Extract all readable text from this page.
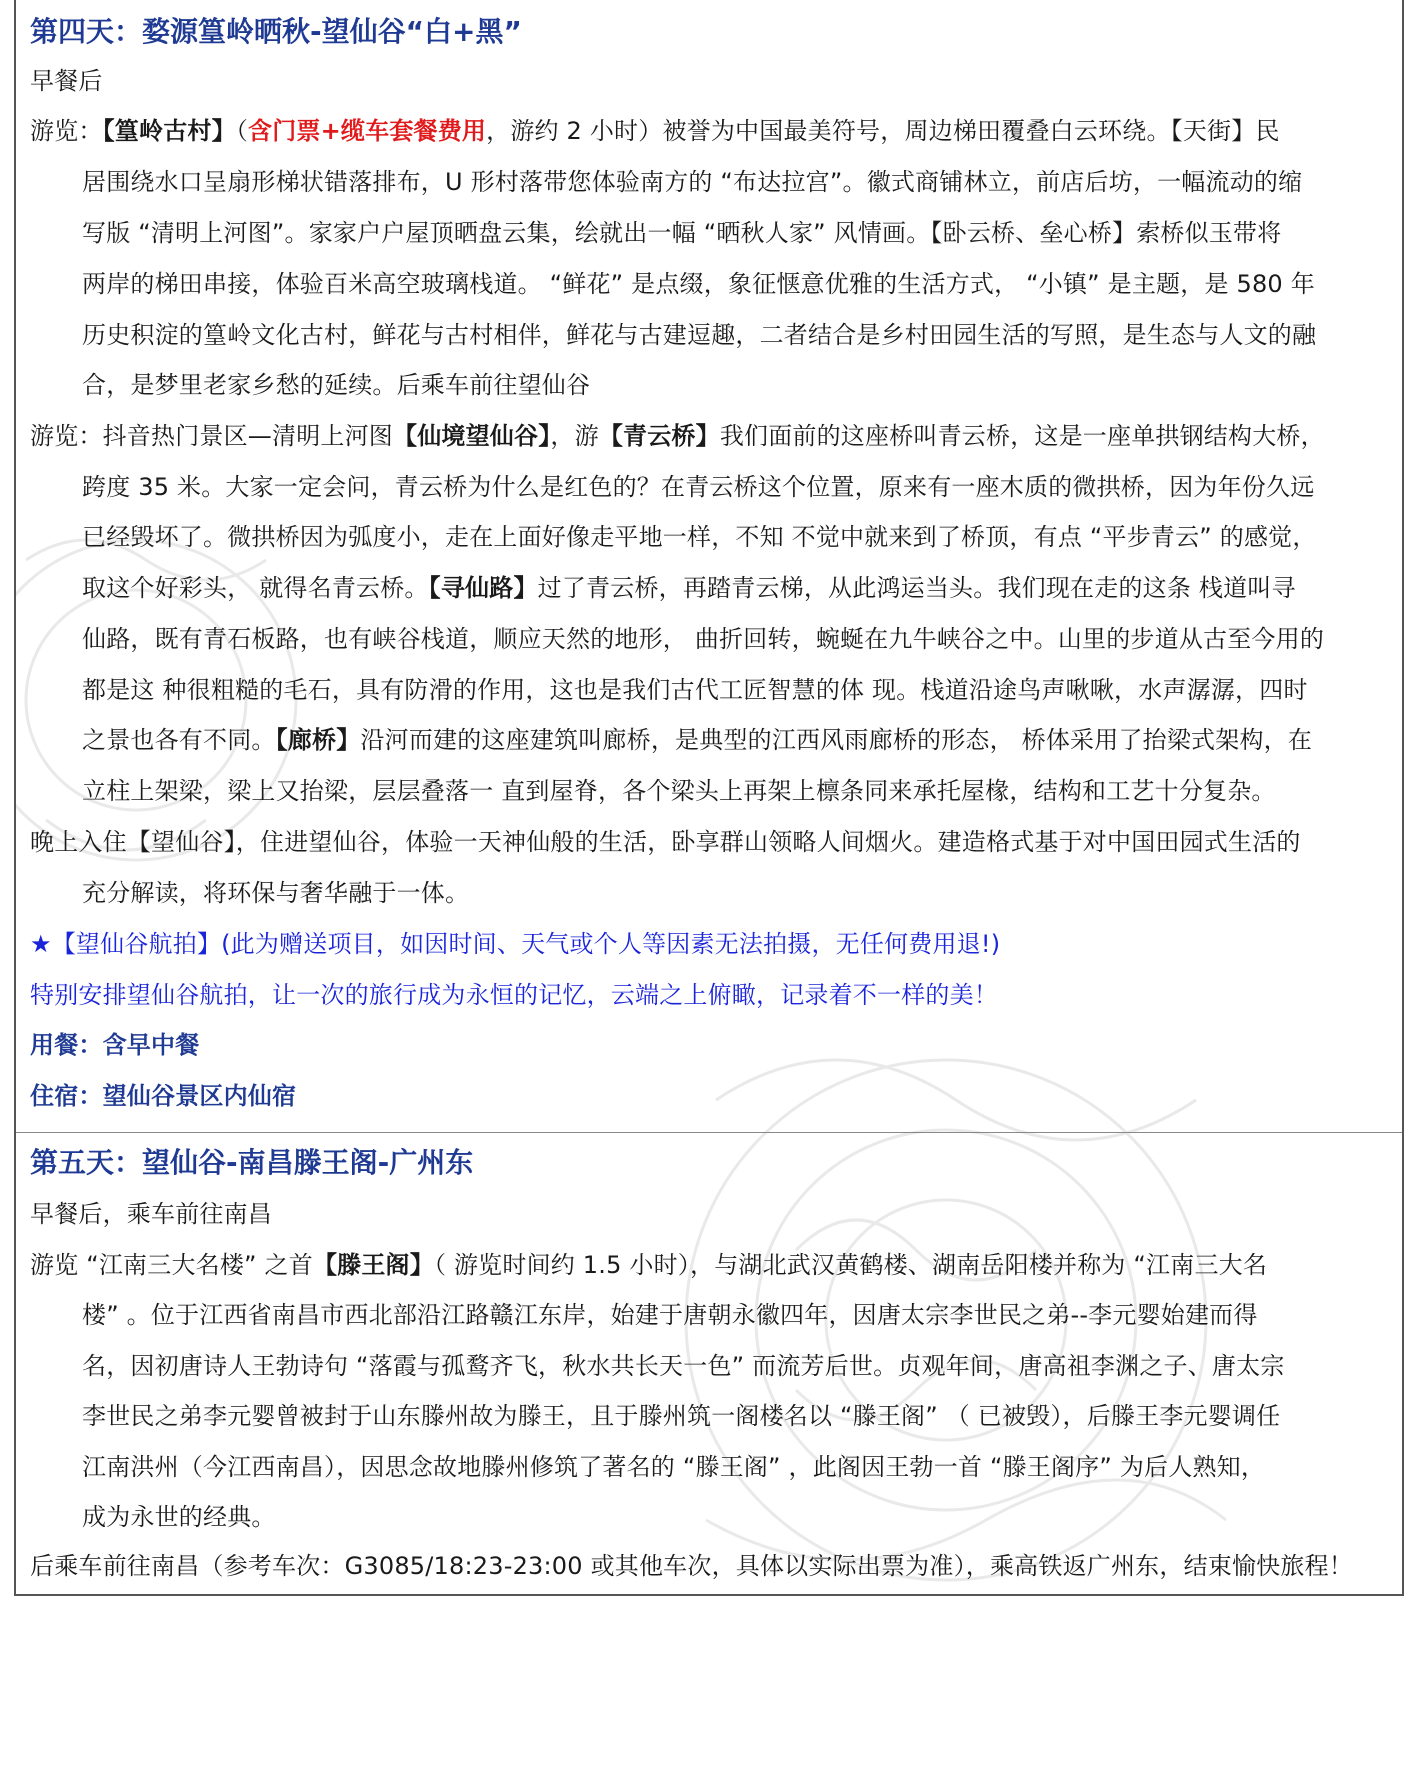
第四天：婺源篁岭晒秋-望仙谷“白+黑”
早餐后
游览：【篁岭古村】（含门票+缆车套餐费用，游约 2 小时）被誉为中国最美符号，周边梯田覆叠白云环绕。【天街】民
居围绕水口呈扇形梯状错落排布，U 形村落带您体验南方的 “布达拉宫”。徽式商铺林立，前店后坊，一幅流动的缩
写版 “清明上河图”。家家户户屋顶晒盘云集，绘就出一幅 “晒秋人家” 风情画。【卧云桥、垒心桥】索桥似玉带将
两岸的梯田串接，体验百米高空玻璃栈道。 “鲜花” 是点缀，象征惬意优雅的生活方式， “小镇” 是主题，是 580 年
历史积淀的篁岭文化古村，鲜花与古村相伴，鲜花与古建逗趣，二者结合是乡村田园生活的写照，是生态与人文的融
合，是梦里老家乡愁的延续。后乘车前往望仙谷
游览：抖音热门景区—清明上河图【仙境望仙谷】，游【青云桥】我们面前的这座桥叫青云桥，这是一座单拱钢结构大桥，
跨度 35 米。大家一定会问，青云桥为什么是红色的？在青云桥这个位置，原来有一座木质的微拱桥，因为年份久远
已经毁坏了。微拱桥因为弧度小，走在上面好像走平地一样，不知 不觉中就来到了桥顶，有点 “平步青云” 的感觉，
取这个好彩头， 就得名青云桥。【寻仙路】过了青云桥，再踏青云梯，从此鸿运当头。我们现在走的这条 栈道叫寻
仙路，既有青石板路，也有峡谷栈道，顺应天然的地形， 曲折回转，蜿蜒在九牛峡谷之中。山里的步道从古至今用的
都是这 种很粗糙的毛石，具有防滑的作用，这也是我们古代工匠智慧的体 现。栈道沿途鸟声啾啾，水声潺潺，四时
之景也各有不同。【廊桥】沿河而建的这座建筑叫廊桥，是典型的江西风雨廊桥的形态， 桥体采用了抬梁式架构，在
立柱上架梁，梁上又抬梁，层层叠落一 直到屋脊，各个梁头上再架上檩条同来承托屋椽，结构和工艺十分复杂。
晚上入住【望仙谷】，住进望仙谷，体验一天神仙般的生活，卧享群山领略人间烟火。建造格式基于对中国田园式生活的
充分解读，将环保与奢华融于一体。
★【望仙谷航拍】(此为赠送项目，如因时间、天气或个人等因素无法拍摄，无任何费用退!)
特别安排望仙谷航拍，让一次的旅行成为永恒的记忆，云端之上俯瞰，记录着不一样的美！
用餐：含早中餐
住宿：望仙谷景区内仙宿
第五天：望仙谷-南昌滕王阁-广州东
早餐后，乘车前往南昌
游览 “江南三大名楼” 之首【滕王阁】（ 游览时间约 1.5 小时），与湖北武汉黄鹤楼、湖南岳阳楼并称为 “江南三大名
楼” 。位于江西省南昌市西北部沿江路赣江东岸，始建于唐朝永徽四年，因唐太宗李世民之弟--李元婴始建而得
名，因初唐诗人王勃诗句 “落霞与孤鹜齐飞，秋水共长天一色” 而流芳后世。贞观年间，唐高祖李渊之子、唐太宗
李世民之弟李元婴曾被封于山东滕州故为滕王，且于滕州筑一阁楼名以 “滕王阁” （ 已被毁），后滕王李元婴调任
江南洪州（今江西南昌），因思念故地滕州修筑了著名的 “滕王阁” ，此阁因王勃一首 “滕王阁序” 为后人熟知，
成为永世的经典。
后乘车前往南昌（参考车次：G3085/18:23-23:00 或其他车次，具体以实际出票为准），乘高铁返广州东，结束愉快旅程！
